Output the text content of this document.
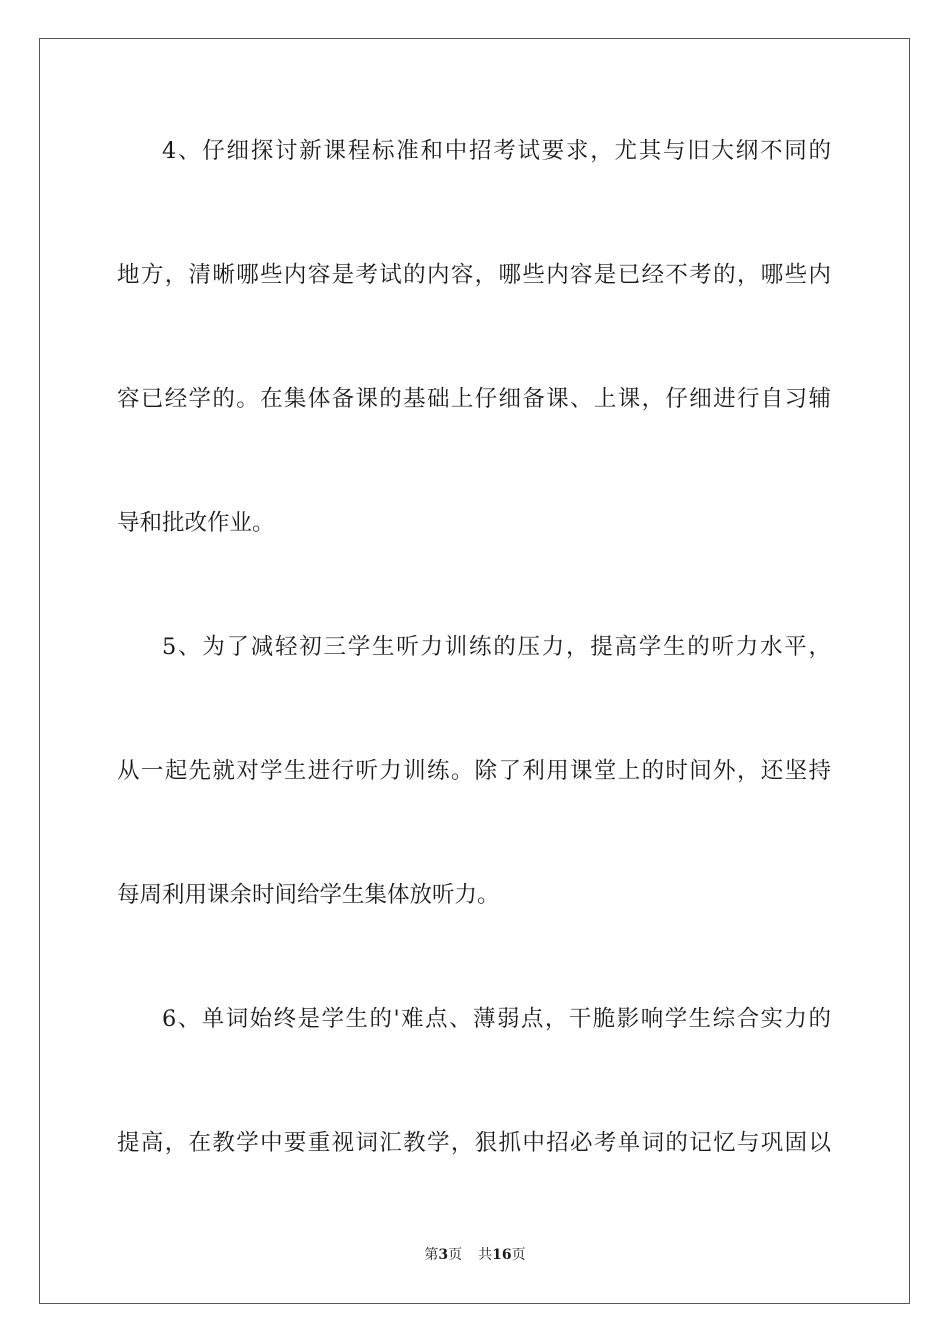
4、仔细探讨新课程标准和中招考试要求，尤其与旧大纲不同的
地方，清晰哪些内容是考试的内容，哪些内容是已经不考的，哪些内
容已经学的。在集体备课的基础上仔细备课、上课，仔细进行自习辅
导和批改作业。
5、为了减轻初三学生听力训练的压力，提高学生的听力水平，
从一起先就对学生进行听力训练。除了利用课堂上的时间外，还坚持
每周利用课余时间给学生集体放听力。
6、单词始终是学生的'难点、薄弱点，干脆影响学生综合实力的
提高，在教学中要重视词汇教学，狠抓中招必考单词的记忆与巩固以
第3页 共16页
